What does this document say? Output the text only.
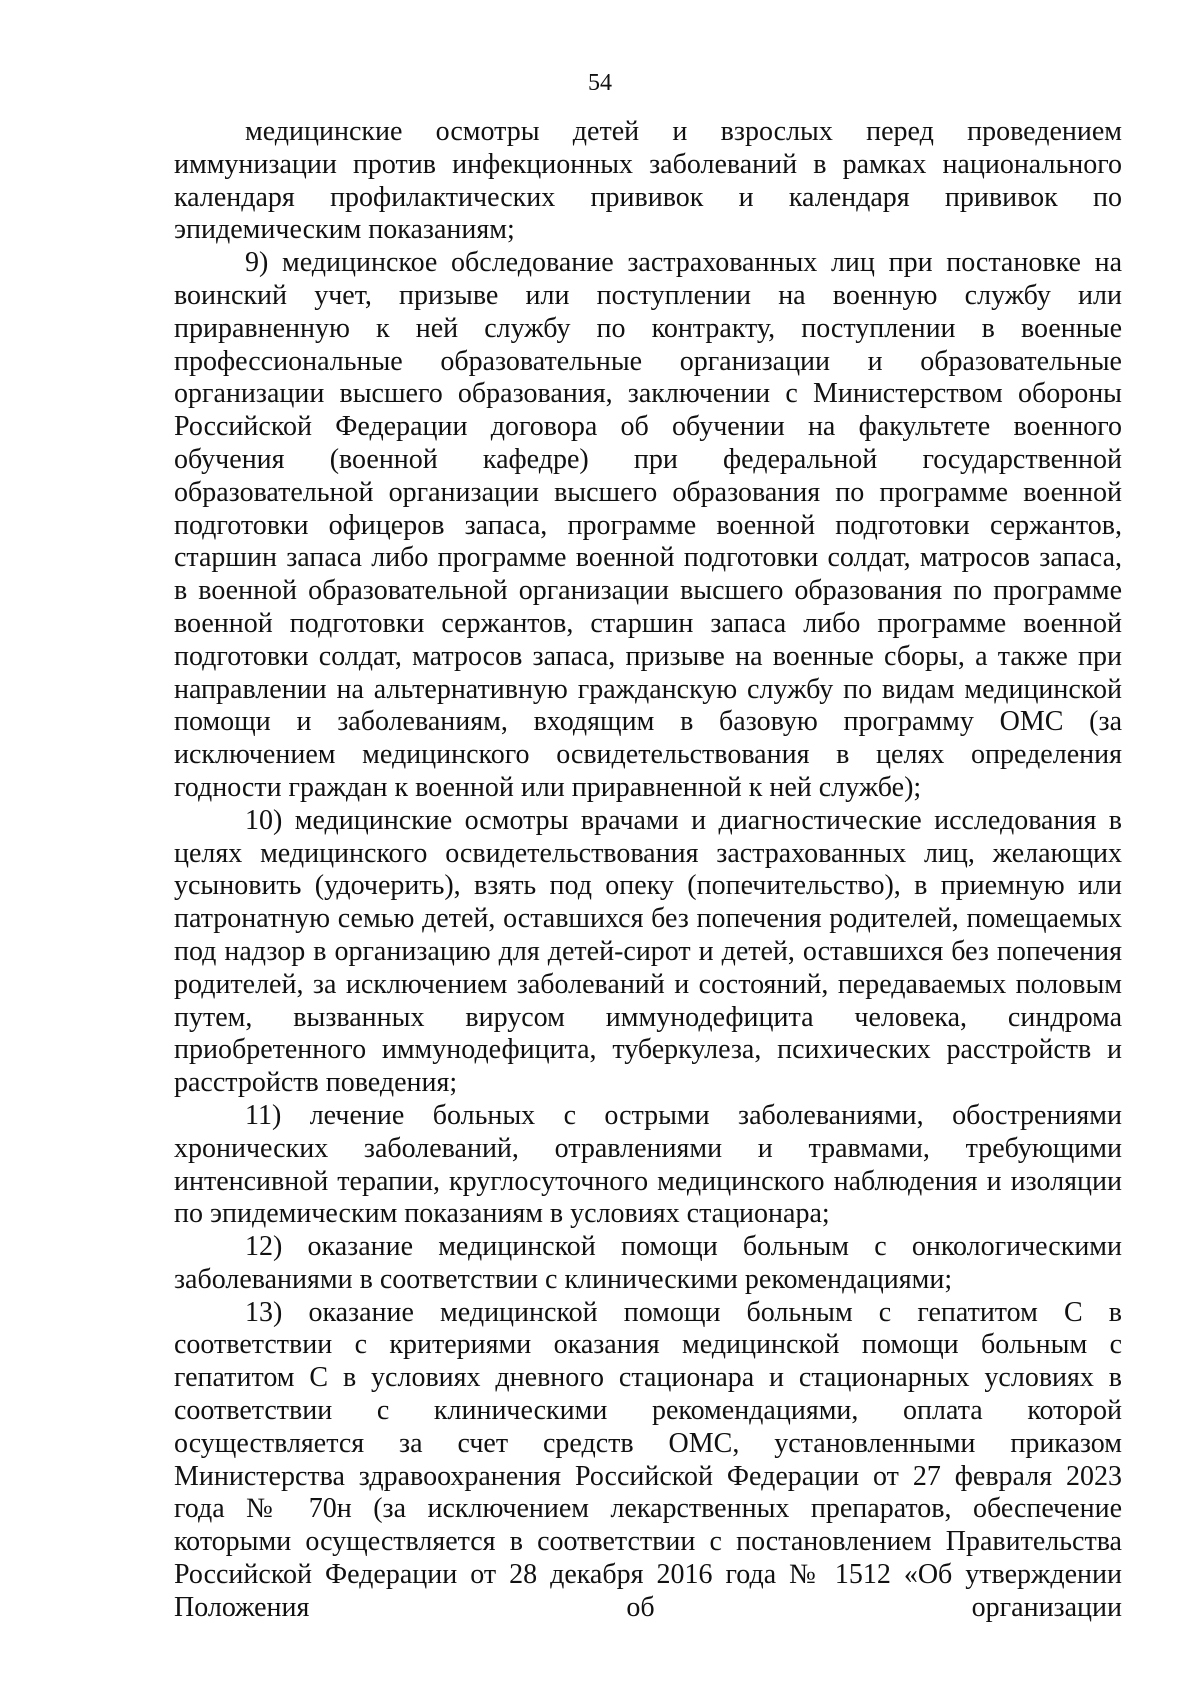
54

медицинские осмотры детей и взрослых перед проведением иммунизации против инфекционных заболеваний в рамках национального календаря профилактических прививок и календаря прививок по эпидемическим показаниям;

9) медицинское обследование застрахованных лиц при постановке на воинский учет, призыве или поступлении на военную службу или приравненную к ней службу по контракту, поступлении в военные профессиональные образовательные организации и образовательные организации высшего образования, заключении с Министерством обороны Российской Федерации договора об обучении на факультете военного обучения (военной кафедре) при федеральной государственной образовательной организации высшего образования по программе военной подготовки офицеров запаса, программе военной подготовки сержантов, старшин запаса либо программе военной подготовки солдат, матросов запаса, в военной образовательной организации высшего образования по программе военной подготовки сержантов, старшин запаса либо программе военной подготовки солдат, матросов запаса, призыве на военные сборы, а также при направлении на альтернативную гражданскую службу по видам медицинской помощи и заболеваниям, входящим в базовую программу ОМС (за исключением медицинского освидетельствования в целях определения годности граждан к военной или приравненной к ней службе);

10) медицинские осмотры врачами и диагностические исследования в целях медицинского освидетельствования застрахованных лиц, желающих усыновить (удочерить), взять под опеку (попечительство), в приемную или патронатную семью детей, оставшихся без попечения родителей, помещаемых под надзор в организацию для детей-сирот и детей, оставшихся без попечения родителей, за исключением заболеваний и состояний, передаваемых половым путем, вызванных вирусом иммунодефицита человека, синдрома приобретенного иммунодефицита, туберкулеза, психических расстройств и расстройств поведения;

11) лечение больных с острыми заболеваниями, обострениями хронических заболеваний, отравлениями и травмами, требующими интенсивной терапии, круглосуточного медицинского наблюдения и изоляции по эпидемическим показаниям в условиях стационара;

12) оказание медицинской помощи больным с онкологическими заболеваниями в соответствии с клиническими рекомендациями;

13) оказание медицинской помощи больным с гепатитом С в соответствии с критериями оказания медицинской помощи больным с гепатитом С в условиях дневного стационара и стационарных условиях в соответствии с клиническими рекомендациями, оплата которой осуществляется за счет средств ОМС, установленными приказом Министерства здравоохранения Российской Федерации от 27 февраля 2023 года № 70н (за исключением лекарственных препаратов, обеспечение которыми осуществляется в соответствии с постановлением Правительства Российской Федерации от 28 декабря 2016 года № 1512 «Об утверждении Положения об организации
